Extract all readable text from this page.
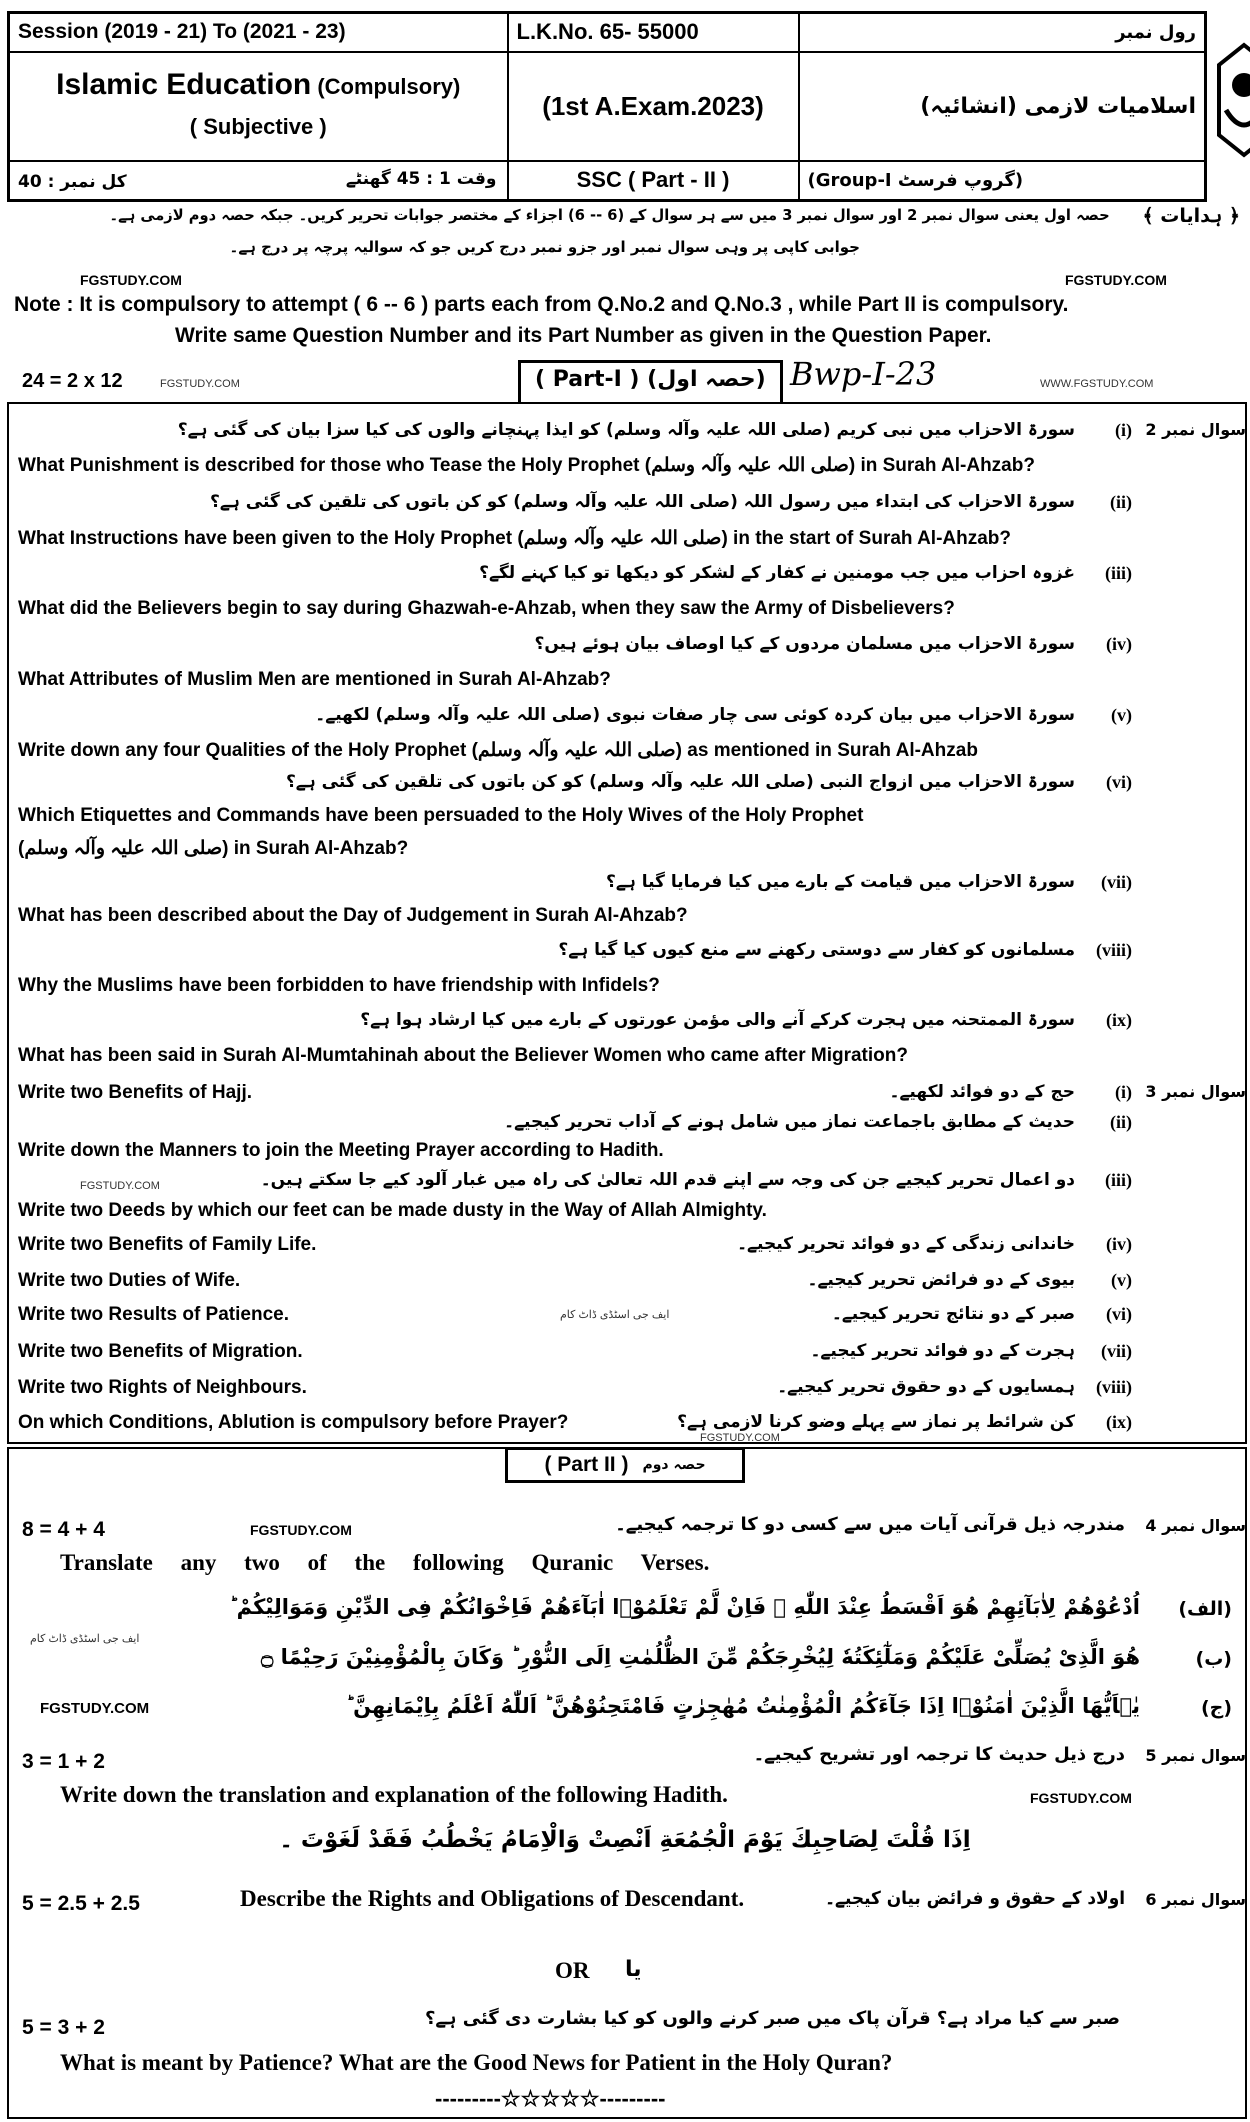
Session (2019 - 21) To (2021 - 23)	L.K.No. 65- 55000	رول نمبر
Islamic Education (Compulsory)
( Subjective )	(1st A.Exam.2023)	اسلامیات لازمی (انشائیہ)
کل نمبر : 40 وقت 1 : 45 گھنٹے	SSC ( Part - II )	(Group-I گروپ فرسٹ)
﴿ ہدایات ﴾
حصہ اول یعنی سوال نمبر 2 اور سوال نمبر 3 میں سے ہر سوال کے (6 -- 6) اجزاء کے مختصر جوابات تحریر کریں۔ جبکہ حصہ دوم لازمی ہے۔
جوابی کاپی پر وہی سوال نمبر اور جزو نمبر درج کریں جو کہ سوالیہ پرچہ پر درج ہے۔
FGSTUDY.COM	FGSTUDY.COM
Note : It is compulsory to attempt ( 6 -- 6 ) parts each from Q.No.2 and Q.No.3 , while Part II is compulsory.
Write same Question Number and its Part Number as given in the Question Paper.
24 = 2 x 12	FGSTUDY.COM	( Part-I ) (حصہ اول) Bwp-I-23	WWW.FGSTUDY.COM
سوال نمبر 2
(i)
سورۃ الاحزاب میں نبی کریم (صلی اللہ علیہ وآلہ وسلم) کو ایذا پہنچانے والوں کی کیا سزا بیان کی گئی ہے؟
What Punishment is described for those who Tease the Holy Prophet (صلی اللہ علیہ وآلہ وسلم) in Surah Al-Ahzab?
(ii)
سورۃ الاحزاب کی ابتداء میں رسول اللہ (صلی اللہ علیہ وآلہ وسلم) کو کن باتوں کی تلقین کی گئی ہے؟
What Instructions have been given to the Holy Prophet (صلی اللہ علیہ وآلہ وسلم) in the start of Surah Al-Ahzab?
(iii)
غزوہ احزاب میں جب مومنین نے کفار کے لشکر کو دیکھا تو کیا کہنے لگے؟
What did the Believers begin to say during Ghazwah-e-Ahzab, when they saw the Army of Disbelievers?
(iv)
سورۃ الاحزاب میں مسلمان مردوں کے کیا اوصاف بیان ہوئے ہیں؟
What Attributes of Muslim Men are mentioned in Surah Al-Ahzab?
(v)
سورۃ الاحزاب میں بیان کردہ کوئی سی چار صفات نبوی (صلی اللہ علیہ وآلہ وسلم) لکھیے۔
Write down any four Qualities of the Holy Prophet (صلی اللہ علیہ وآلہ وسلم) as mentioned in Surah Al-Ahzab
(vi)
سورۃ الاحزاب میں ازواج النبی (صلی اللہ علیہ وآلہ وسلم) کو کن باتوں کی تلقین کی گئی ہے؟
Which Etiquettes and Commands have been persuaded to the Holy Wives of the Holy Prophet
(صلی اللہ علیہ وآلہ وسلم) in Surah Al-Ahzab?
(vii)
سورۃ الاحزاب میں قیامت کے بارے میں کیا فرمایا گیا ہے؟
What has been described about the Day of Judgement in Surah Al-Ahzab?
(viii)
مسلمانوں کو کفار سے دوستی رکھنے سے منع کیوں کیا گیا ہے؟
Why the Muslims have been forbidden to have friendship with Infidels?
(ix)
سورۃ الممتحنہ میں ہجرت کرکے آنے والی مؤمن عورتوں کے بارے میں کیا ارشاد ہوا ہے؟
What has been said in Surah Al-Mumtahinah about the Believer Women who came after Migration?
سوال نمبر 3
(i)
حج کے دو فوائد لکھیے۔
Write two Benefits of Hajj.
(ii)
حدیث کے مطابق باجماعت نماز میں شامل ہونے کے آداب تحریر کیجیے۔
Write down the Manners to join the Meeting Prayer according to Hadith.
(iii)
دو اعمال تحریر کیجیے جن کی وجہ سے اپنے قدم اللہ تعالیٰ کی راہ میں غبار آلود کیے جا سکتے ہیں۔
Write two Deeds by which our feet can be made dusty in the Way of Allah Almighty.
(iv)
خاندانی زندگی کے دو فوائد تحریر کیجیے۔
Write two Benefits of Family Life.
(v)
بیوی کے دو فرائض تحریر کیجیے۔
Write two Duties of Wife.
(vi)
صبر کے دو نتائج تحریر کیجیے۔
Write two Results of Patience.
(vii)
ہجرت کے دو فوائد تحریر کیجیے۔
Write two Benefits of Migration.
(viii)
ہمسایوں کے دو حقوق تحریر کیجیے۔
Write two Rights of Neighbours.
(ix)
کن شرائط پر نماز سے پہلے وضو کرنا لازمی ہے؟
On which Conditions, Ablution is compulsory before Prayer?
FGSTUDY.COM
ایف جی اسٹڈی ڈاٹ کام
FGSTUDY.COM
( Part II ) حصہ دوم
سوال نمبر 4
مندرجہ ذیل قرآنی آیات میں سے کسی دو کا ترجمہ کیجیے۔
8 = 4 + 4	FGSTUDY.COM
Translate any two of the following Quranic Verses.
(الف)
اُدْعُوْهُمْ لِاٰبَآئِهِمْ هُوَ اَقْسَطُ عِنْدَ اللّٰهِ ۚ فَاِنْ لَّمْ تَعْلَمُوْۤا اٰبَآءَهُمْ فَاِخْوَانُكُمْ فِی الدِّیْنِ وَمَوَالِیْكُمْ ؕ
ایف جی اسٹڈی ڈاٹ کام
(ب)
هُوَ الَّذِیْ یُصَلِّیْ عَلَیْكُمْ وَمَلٰٓئِكَتُهٗ لِیُخْرِجَكُمْ مِّنَ الظُّلُمٰتِ اِلَی النُّوْرِ ؕ وَكَانَ بِالْمُؤْمِنِیْنَ رَحِیْمًا ۝
FGSTUDY.COM	(ج)
یٰۤاَیُّهَا الَّذِیْنَ اٰمَنُوْۤا اِذَا جَآءَكُمُ الْمُؤْمِنٰتُ مُهٰجِرٰتٍ فَامْتَحِنُوْهُنَّ ؕ اَللّٰهُ اَعْلَمُ بِاِیْمَانِهِنَّ ؕ
سوال نمبر 5
درج ذیل حدیث کا ترجمہ اور تشریح کیجیے۔
3 = 1 + 2
Write down the translation and explanation of the following Hadith.	FGSTUDY.COM
اِذَا قُلْتَ لِصَاحِبِكَ يَوْمَ الْجُمُعَةِ اَنْصِتْ وَالْاِمَامُ يَخْطُبُ فَقَدْ لَغَوْتَ ۔
سوال نمبر 6
اولاد کے حقوق و فرائض بیان کیجیے۔
5 = 2.5 + 2.5	Describe the Rights and Obligations of Descendant.
OR یا
صبر سے کیا مراد ہے؟ قرآن پاک میں صبر کرنے والوں کو کیا بشارت دی گئی ہے؟
5 = 3 + 2
What is meant by Patience? What are the Good News for Patient in the Holy Quran?
---------☆☆☆☆☆---------
